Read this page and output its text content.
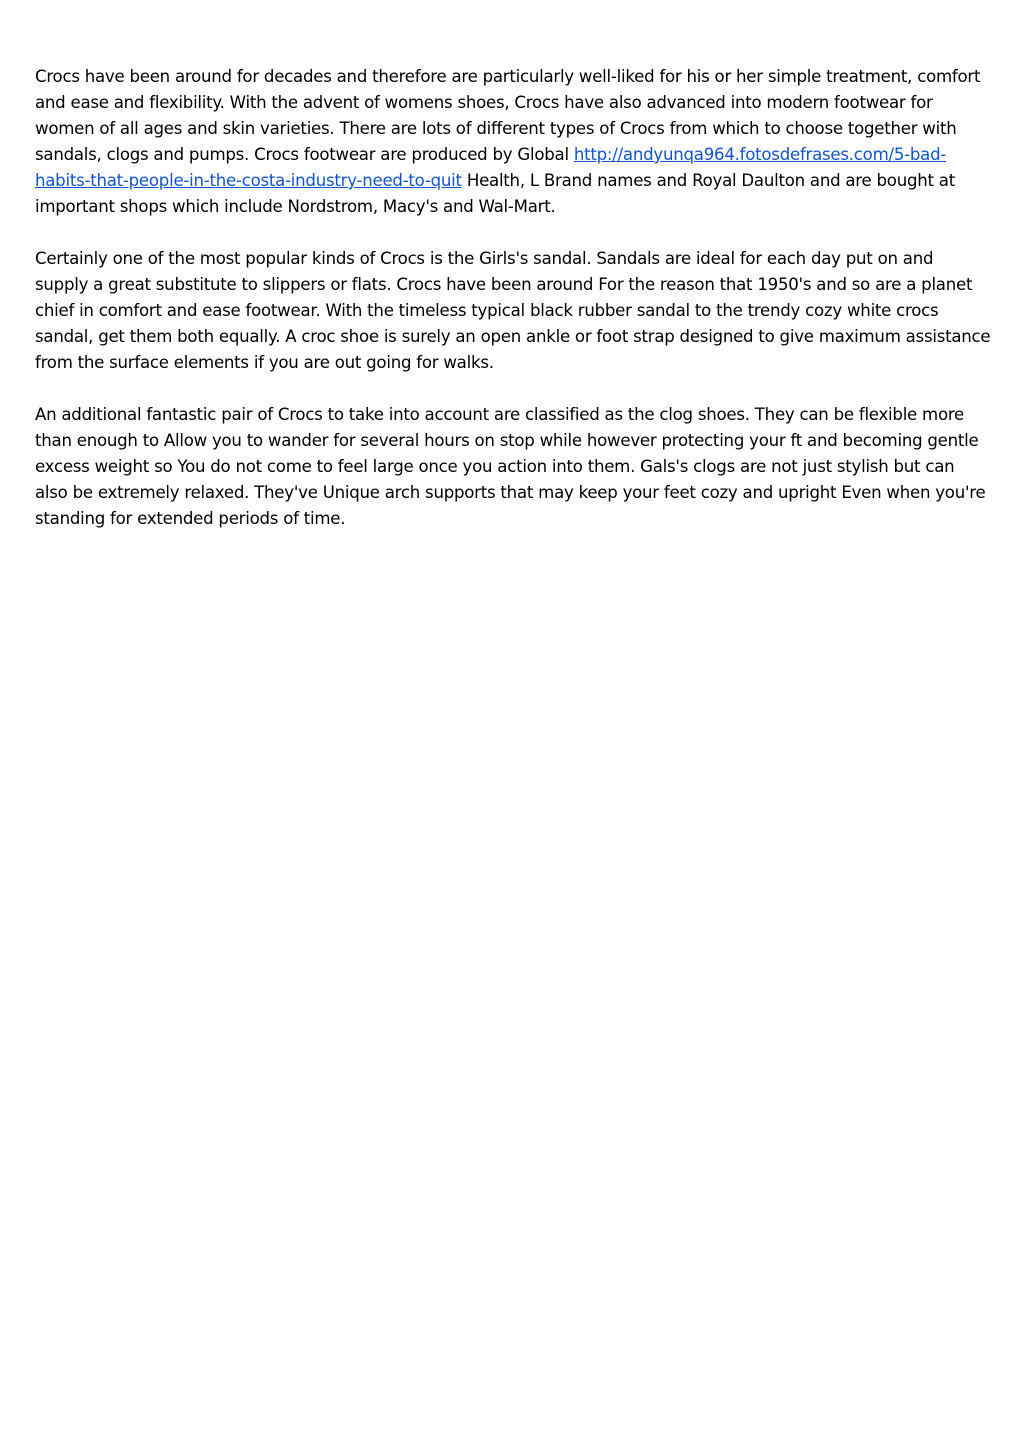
Crocs have been around for decades and therefore are particularly well-liked for his or her simple treatment, comfort and ease and flexibility. With the advent of womens shoes, Crocs have also advanced into modern footwear for women of all ages and skin varieties. There are lots of different types of Crocs from which to choose together with sandals, clogs and pumps. Crocs footwear are produced by Global http://andyunqa964.fotosdefrases.com/5-bad-habits-that-people-in-the-costa-industry-need-to-quit Health, L Brand names and Royal Daulton and are bought at important shops which include Nordstrom, Macy's and Wal-Mart.

Certainly one of the most popular kinds of Crocs is the Girls's sandal. Sandals are ideal for each day put on and supply a great substitute to slippers or flats. Crocs have been around For the reason that 1950's and so are a planet chief in comfort and ease footwear. With the timeless typical black rubber sandal to the trendy cozy white crocs sandal, get them both equally. A croc shoe is surely an open ankle or foot strap designed to give maximum assistance from the surface elements if you are out going for walks.

An additional fantastic pair of Crocs to take into account are classified as the clog shoes. They can be flexible more than enough to Allow you to wander for several hours on stop while however protecting your ft and becoming gentle excess weight so You do not come to feel large once you action into them. Gals's clogs are not just stylish but can also be extremely relaxed. They've Unique arch supports that may keep your feet cozy and upright Even when you're standing for extended periods of time.
